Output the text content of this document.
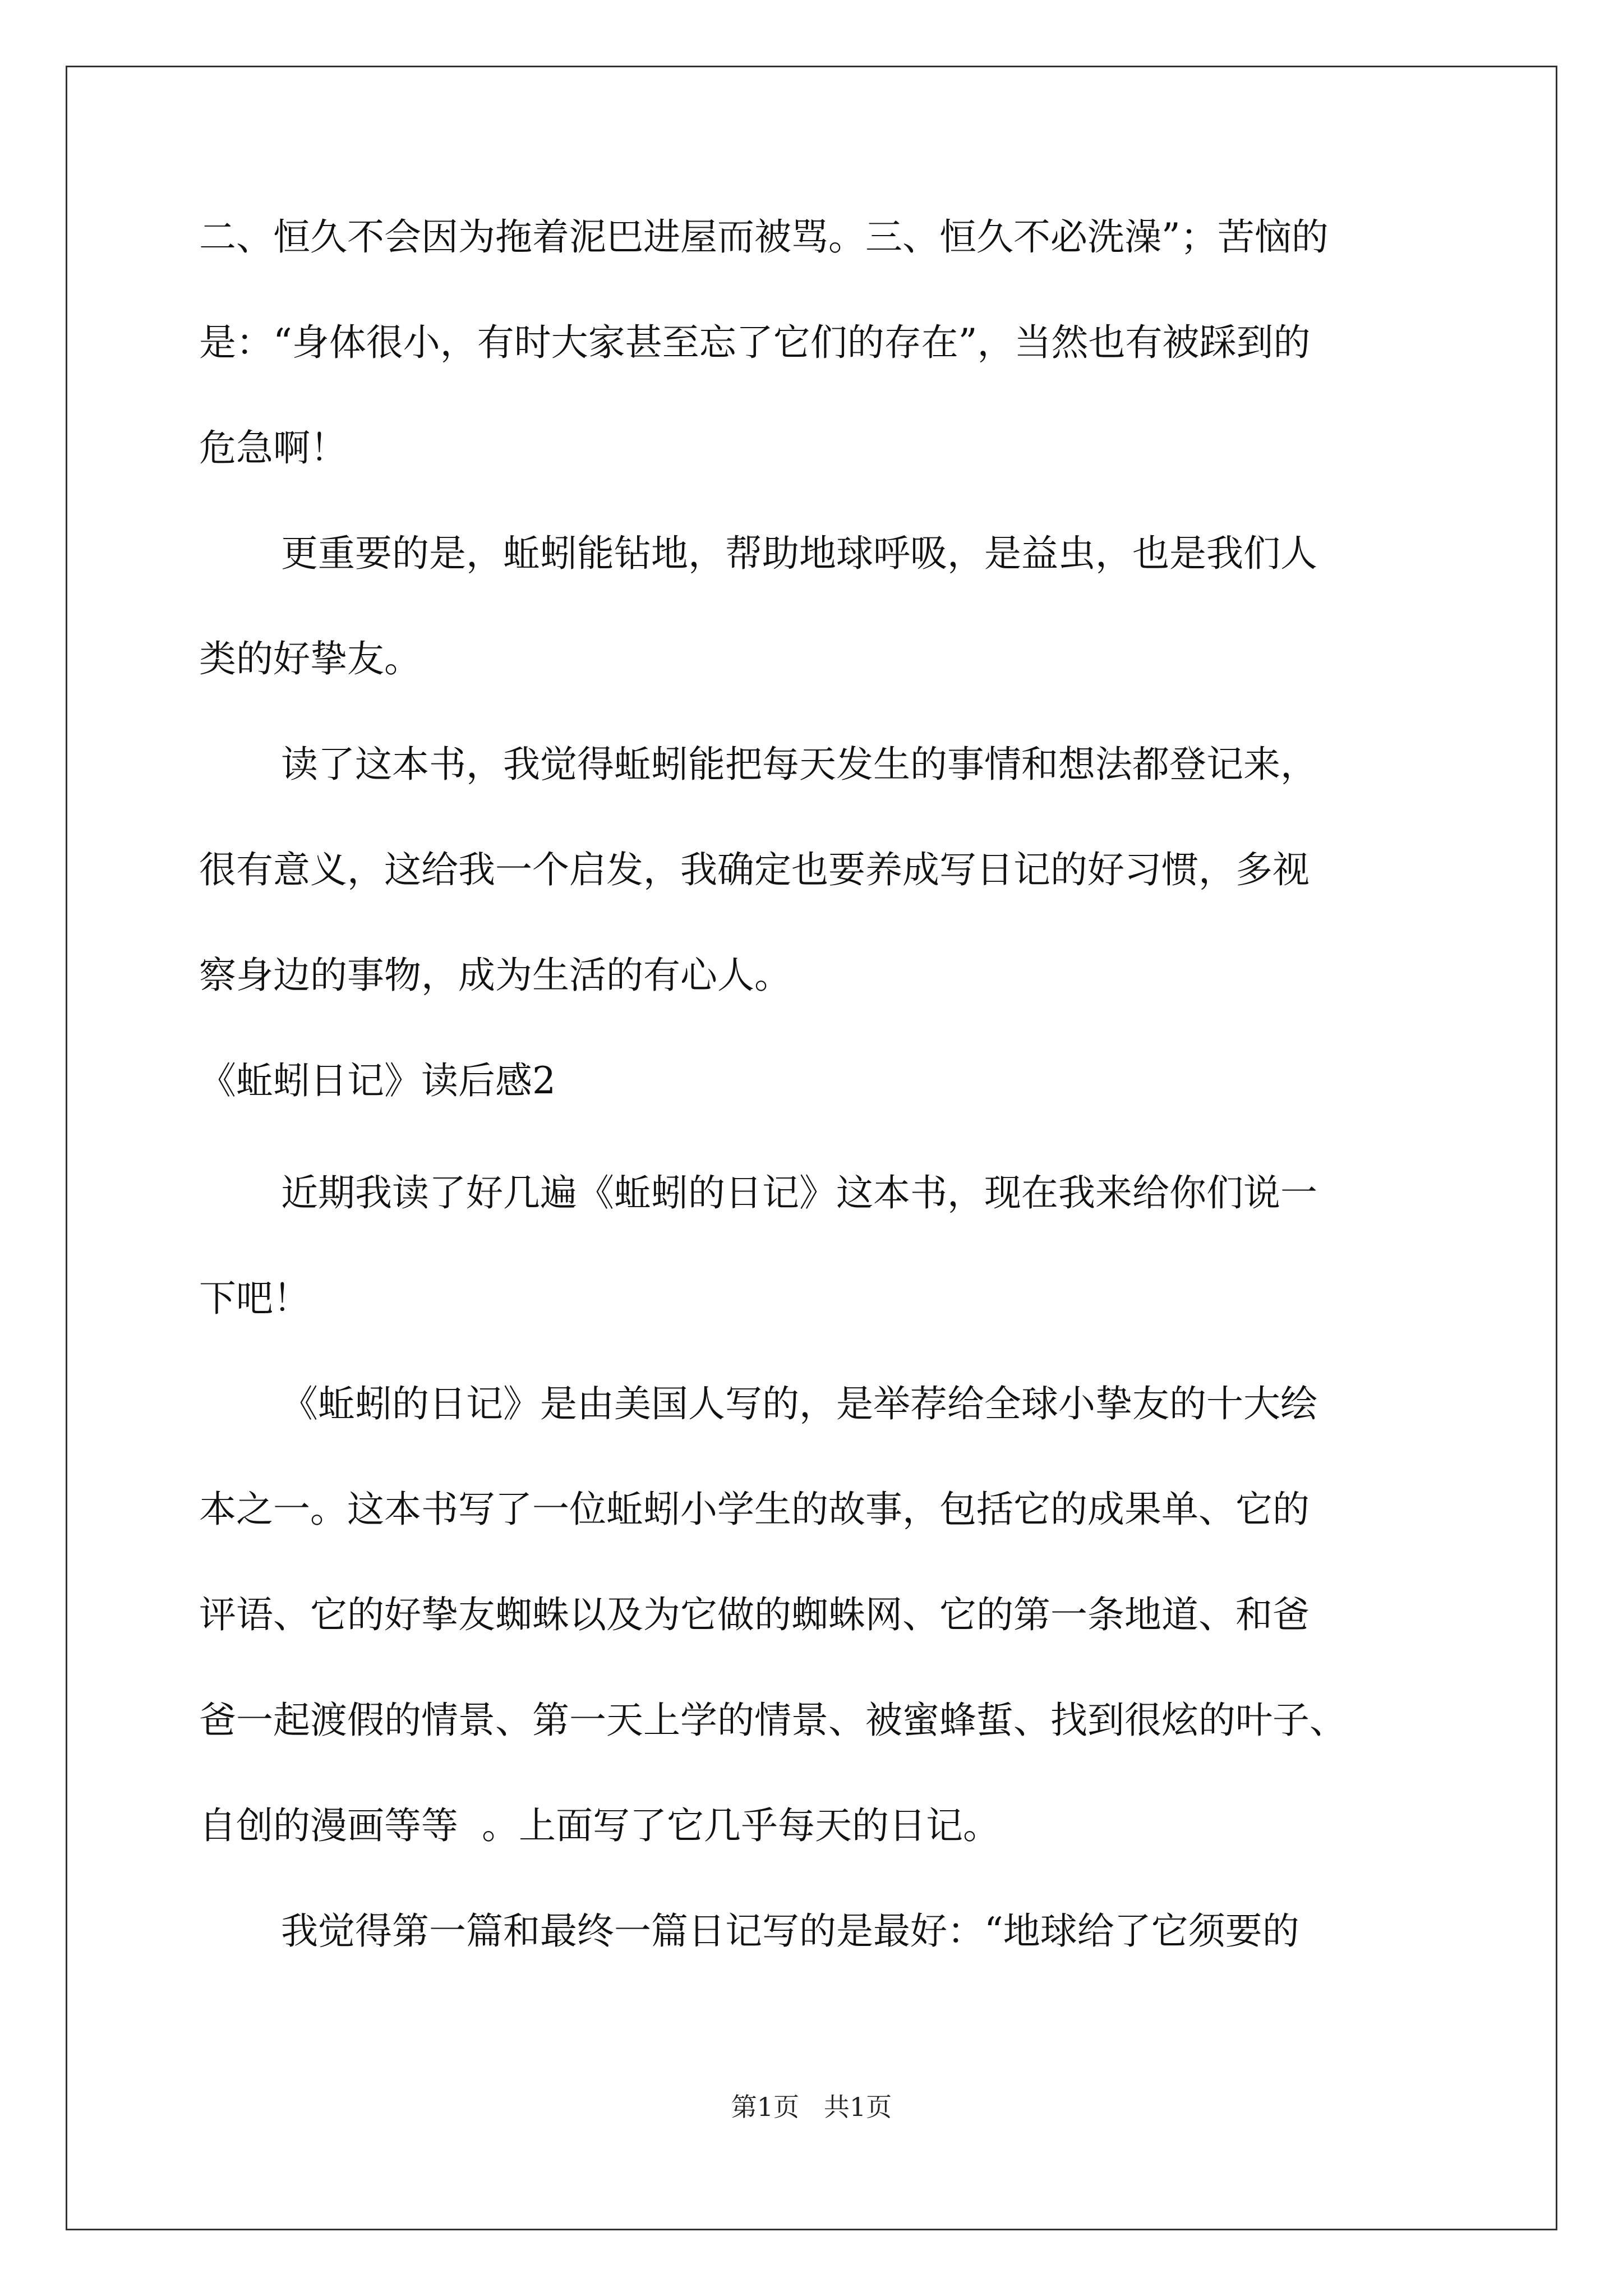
二、恒久不会因为拖着泥巴进屋而被骂。三、恒久不必洗澡”；苦恼的
是：“身体很小，有时大家甚至忘了它们的存在”，当然也有被踩到的
危急啊！
更重要的是，蚯蚓能钻地，帮助地球呼吸，是益虫，也是我们人
类的好挚友。
读了这本书，我觉得蚯蚓能把每天发生的事情和想法都登记来，
很有意义，这给我一个启发，我确定也要养成写日记的好习惯，多视
察身边的事物，成为生活的有心人。
《蚯蚓日记》读后感2
近期我读了好几遍《蚯蚓的日记》这本书，现在我来给你们说一
下吧！
《蚯蚓的日记》是由美国人写的，是举荐给全球小挚友的十大绘
本之一。这本书写了一位蚯蚓小学生的故事，包括它的成果单、它的
评语、它的好挚友蜘蛛以及为它做的蜘蛛网、它的第一条地道、和爸
爸一起渡假的情景、第一天上学的情景、被蜜蜂蜇、找到很炫的叶子、
自创的漫画等等  。上面写了它几乎每天的日记。
我觉得第一篇和最终一篇日记写的是最好：“地球给了它须要的
第1页   共1页
